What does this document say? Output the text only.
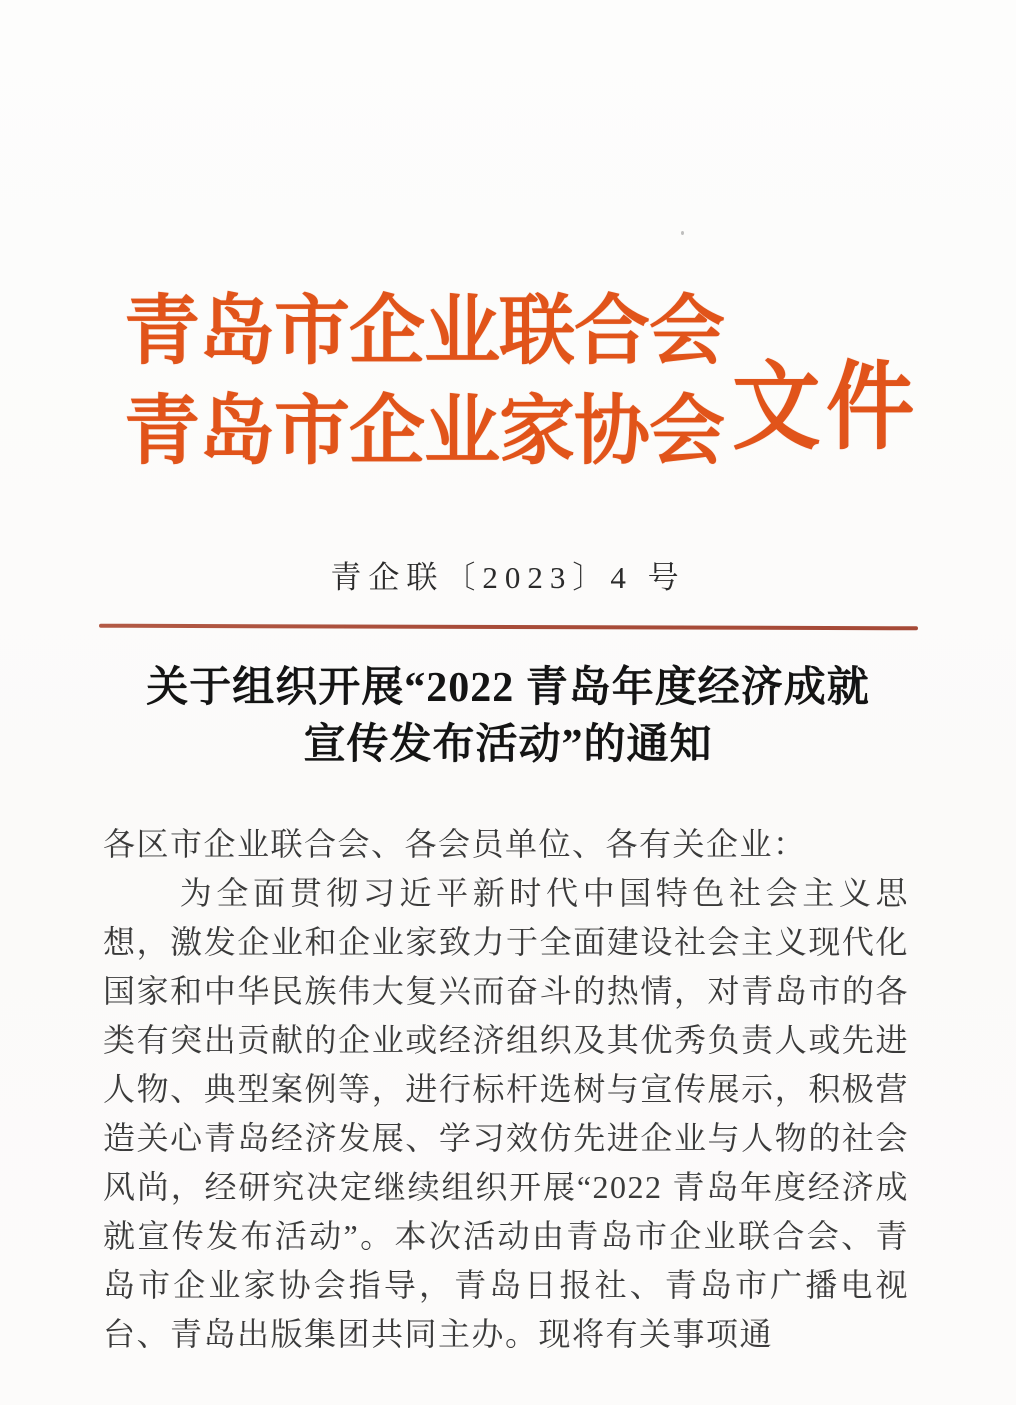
青岛市企业联合会
青岛市企业家协会 文件
青企联〔2023〕4 号
关于组织开展“2022 青岛年度经济成就
宣传发布活动”的通知

各区市企业联合会、各会员单位、各有关企业：

为全面贯彻习近平新时代中国特色社会主义思想，激发企业和企业家致力于全面建设社会主义现代化国家和中华民族伟大复兴而奋斗的热情，对青岛市的各类有突出贡献的企业或经济组织及其优秀负责人或先进人物、典型案例等，进行标杆选树与宣传展示，积极营造关心青岛经济发展、学习效仿先进企业与人物的社会风尚，经研究决定继续组织开展“2022 青岛年度经济成就宣传发布活动”。本次活动由青岛市企业联合会、青岛市企业家协会指导，青岛日报社、青岛市广播电视台、青岛出版集团共同主办。现将有关事项通
